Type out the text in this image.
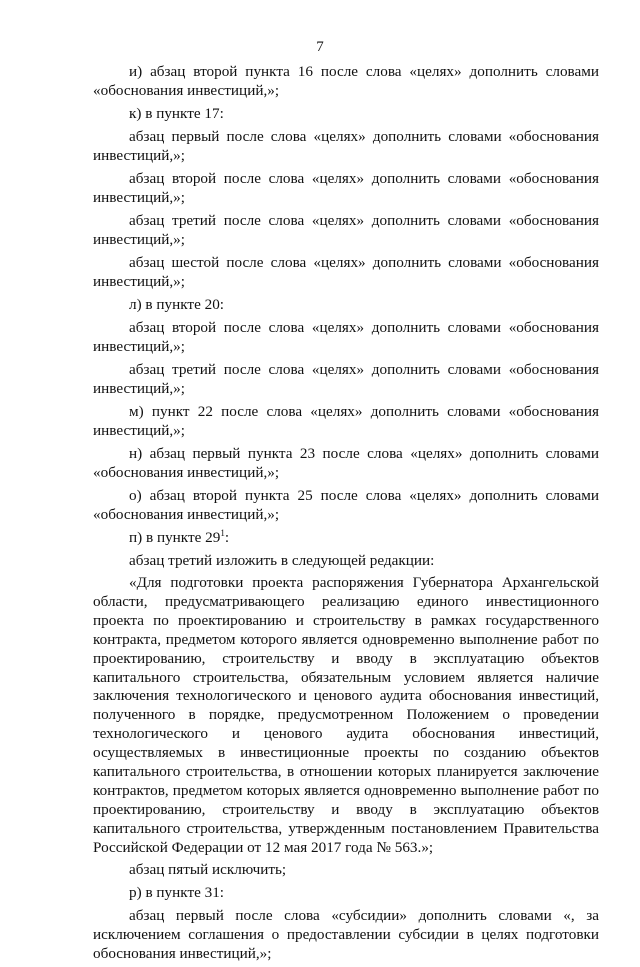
7

и) абзац второй пункта 16 после слова «целях» дополнить словами «обоснования инвестиций,»;

к) в пункте 17:

абзац первый после слова «целях» дополнить словами «обоснования инвестиций,»;

абзац второй после слова «целях» дополнить словами «обоснования инвестиций,»;

абзац третий после слова «целях» дополнить словами «обоснования инвестиций,»;

абзац шестой после слова «целях» дополнить словами «обоснования инвестиций,»;

л) в пункте 20:

абзац второй после слова «целях» дополнить словами «обоснования инвестиций,»;

абзац третий после слова «целях» дополнить словами «обоснования инвестиций,»;

м) пункт 22 после слова «целях» дополнить словами «обоснования инвестиций,»;

н) абзац первый пункта 23 после слова «целях» дополнить словами «обоснования инвестиций,»;

о) абзац второй пункта 25 после слова «целях» дополнить словами «обоснования инвестиций,»;

п) в пункте $29^1$:

абзац третий изложить в следующей редакции:

«Для подготовки проекта распоряжения Губернатора Архангельской области, предусматривающего реализацию единого инвестиционного проекта по проектированию и строительству в рамках государственного контракта, предметом которого является одновременно выполнение работ по проектированию, строительству и вводу в эксплуатацию объектов капитального строительства, обязательным условием является наличие заключения технологического и ценового аудита обоснования инвестиций, полученного в порядке, предусмотренном Положением о проведении технологического и ценового аудита обоснования инвестиций, осуществляемых в инвестиционные проекты по созданию объектов капитального строительства, в отношении которых планируется заключение контрактов, предметом которых является одновременно выполнение работ по проектированию, строительству и вводу в эксплуатацию объектов капитального строительства, утвержденным постановлением Правительства Российской Федерации от 12 мая 2017 года № 563.»;

абзац пятый исключить;

р) в пункте 31:

абзац первый после слова «субсидии» дополнить словами «, за исключением соглашения о предоставлении субсидии в целях подготовки обоснования инвестиций,»;
